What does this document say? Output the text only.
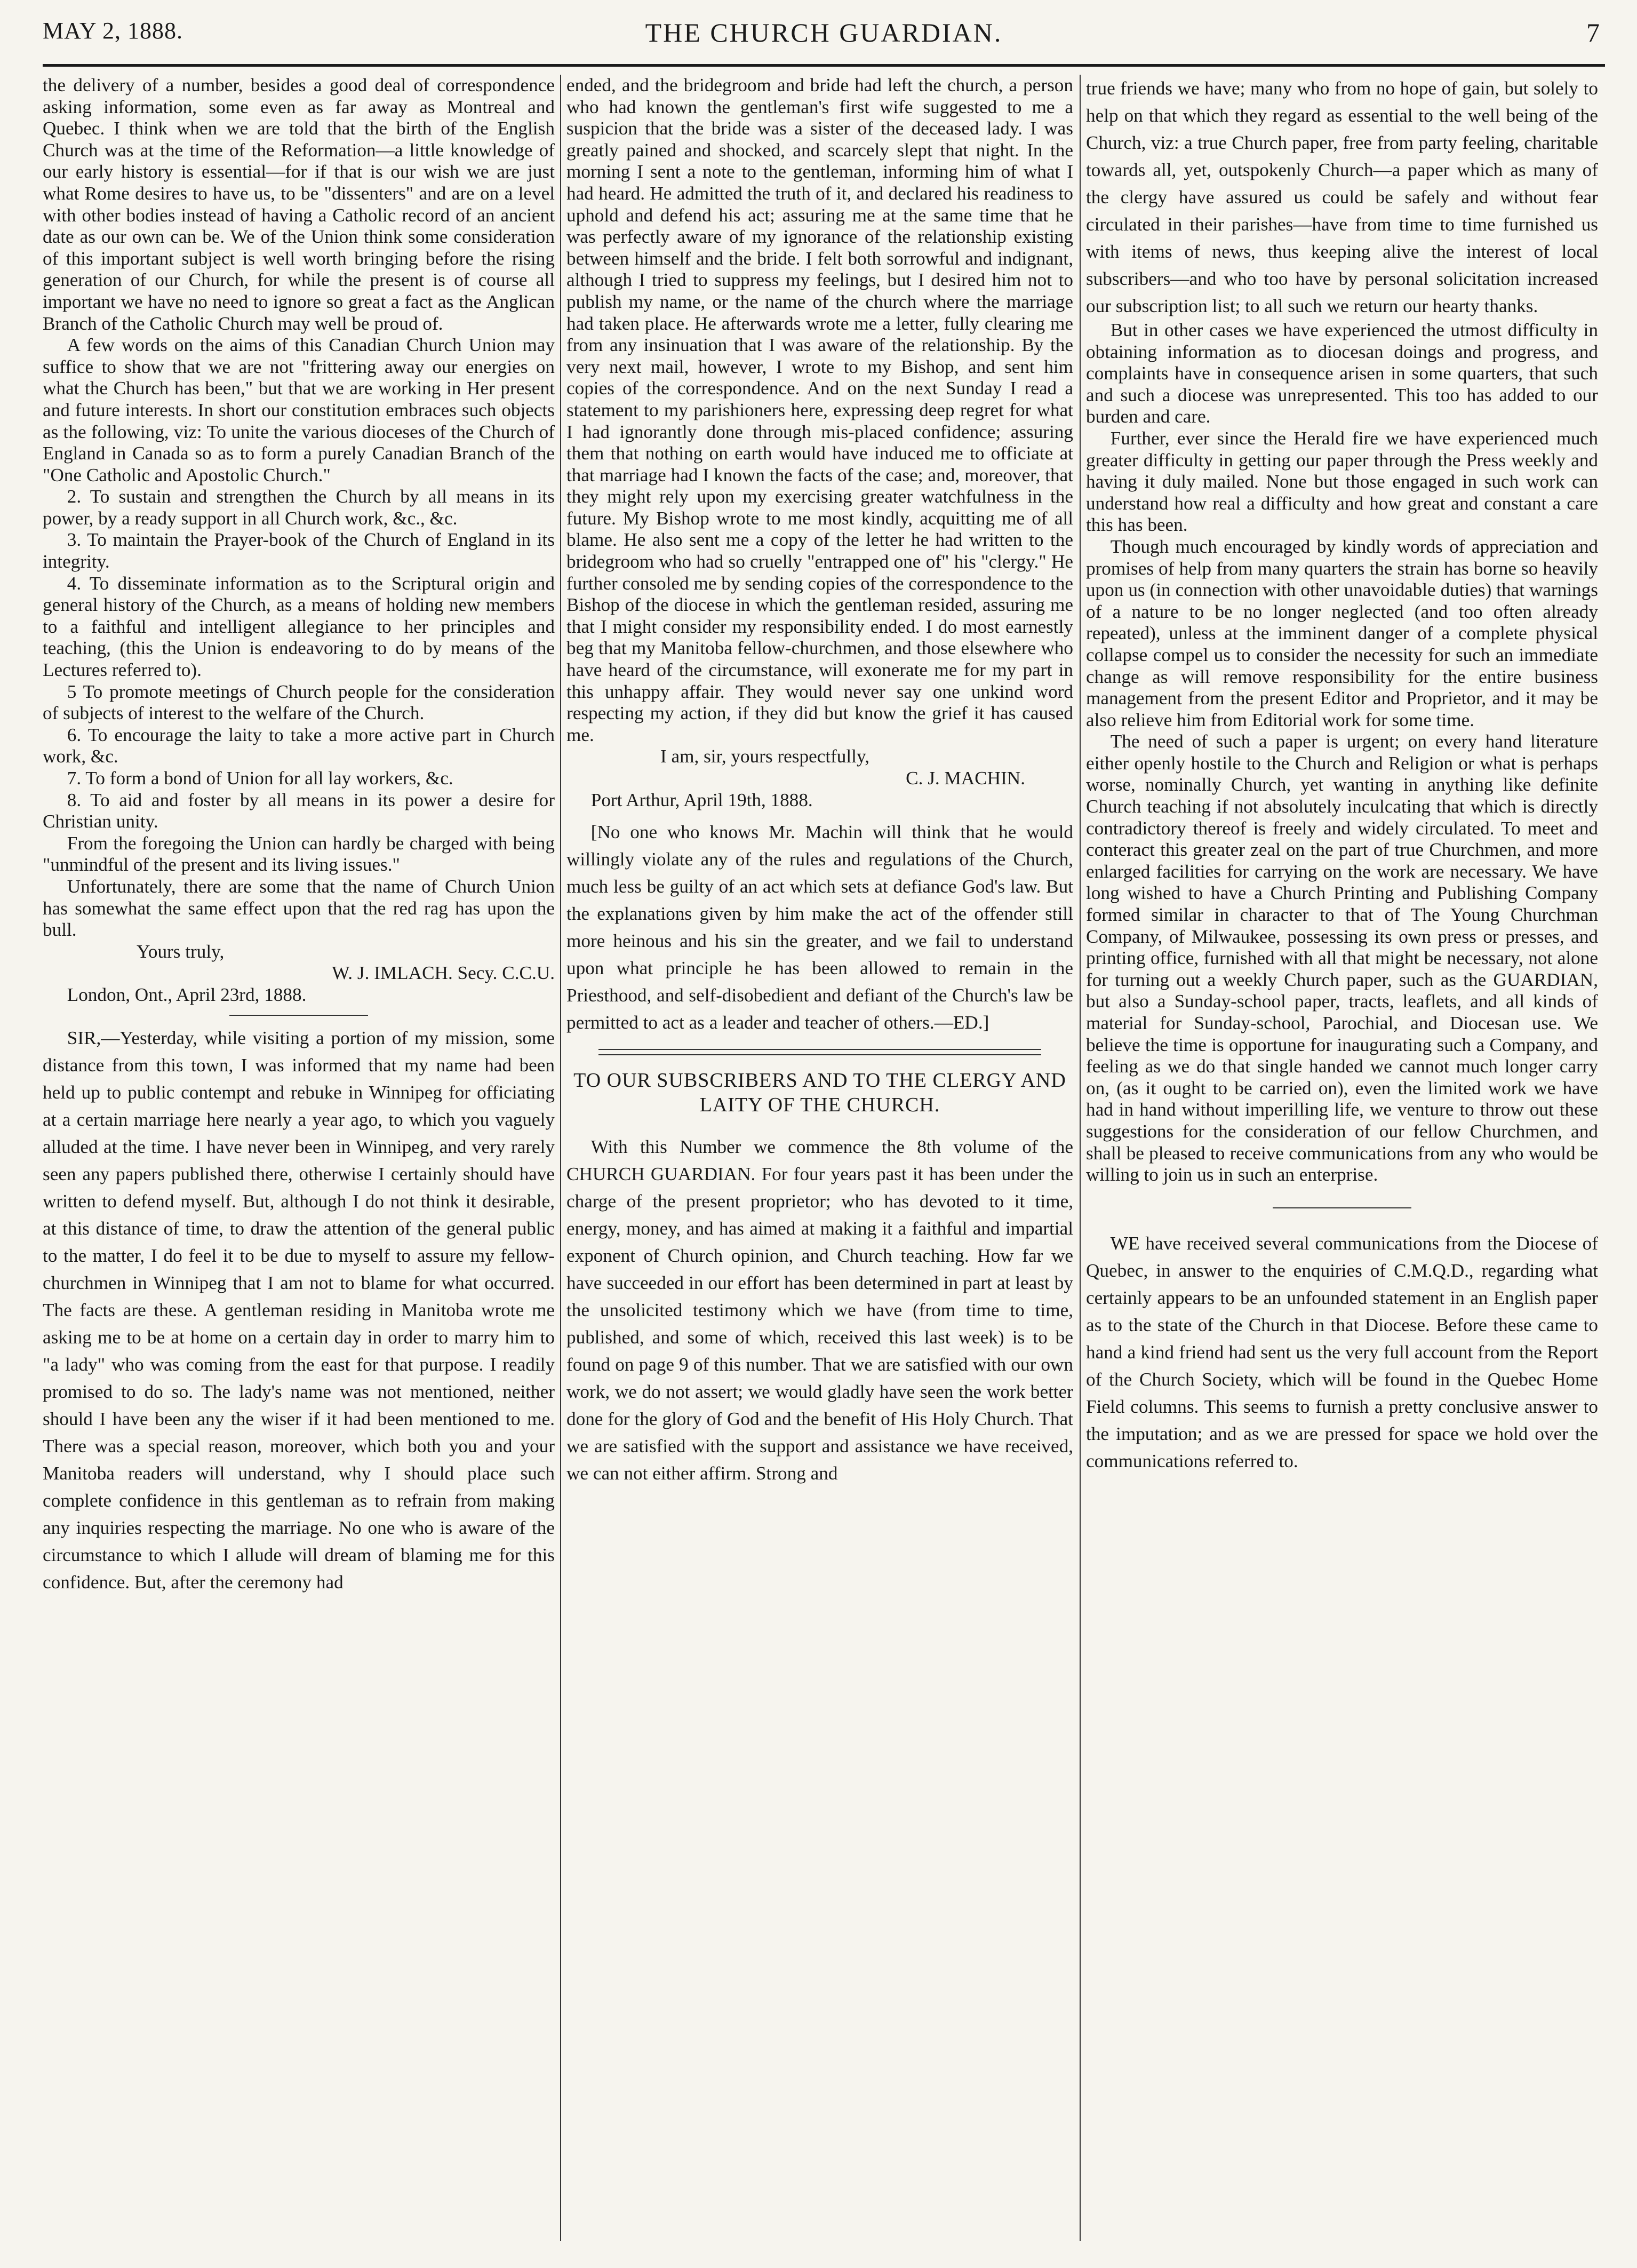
MAY 2, 1888.	THE CHURCH GUARDIAN.	7

the delivery of a number, besides a good deal of correspondence asking information, some even as far away as Montreal and Quebec. I think when we are told that the birth of the English Church was at the time of the Reformation—a little knowledge of our early history is essential—for if that is our wish we are just what Rome desires to have us, to be "dissenters" and are on a level with other bodies instead of having a Catholic record of an ancient date as our own can be. We of the Union think some consideration of this important subject is well worth bringing before the rising generation of our Church, for while the present is of course all important we have no need to ignore so great a fact as the Anglican Branch of the Catholic Church may well be proud of.

A few words on the aims of this Canadian Church Union may suffice to show that we are not "frittering away our energies on what the Church has been," but that we are working in Her present and future interests. In short our constitution embraces such objects as the following, viz: To unite the various dioceses of the Church of England in Canada so as to form a purely Canadian Branch of the "One Catholic and Apostolic Church."

2. To sustain and strengthen the Church by all means in its power, by a ready support in all Church work, &c., &c.

3. To maintain the Prayer-book of the Church of England in its integrity.

4. To disseminate information as to the Scriptural origin and general history of the Church, as a means of holding new members to a faithful and intelligent allegiance to her principles and teaching, (this the Union is endeavoring to do by means of the Lectures referred to).

5 To promote meetings of Church people for the consideration of subjects of interest to the welfare of the Church.

6. To encourage the laity to take a more active part in Church work, &c.

7. To form a bond of Union for all lay workers, &c.

8. To aid and foster by all means in its power a desire for Christian unity.

From the foregoing the Union can hardly be charged with being "unmindful of the present and its living issues."

Unfortunately, there are some that the name of Church Union has somewhat the same effect upon that the red rag has upon the bull.

Yours truly,

W. J. IMLACH. Secy. C.C.U.

London, Ont., April 23rd, 1888.

SIR,—Yesterday, while visiting a portion of my mission, some distance from this town, I was informed that my name had been held up to public contempt and rebuke in Winnipeg for officiating at a certain marriage here nearly a year ago, to which you vaguely alluded at the time. I have never been in Winnipeg, and very rarely seen any papers published there, otherwise I certainly should have written to defend myself. But, although I do not think it desirable, at this distance of time, to draw the attention of the general public to the matter, I do feel it to be due to myself to assure my fellow-churchmen in Winnipeg that I am not to blame for what occurred. The facts are these. A gentleman residing in Manitoba wrote me asking me to be at home on a certain day in order to marry him to "a lady" who was coming from the east for that purpose. I readily promised to do so. The lady's name was not mentioned, neither should I have been any the wiser if it had been mentioned to me. There was a special reason, moreover, which both you and your Manitoba readers will understand, why I should place such complete confidence in this gentleman as to refrain from making any inquiries respecting the marriage. No one who is aware of the circumstance to which I allude will dream of blaming me for this confidence. But, after the ceremony had

ended, and the bridegroom and bride had left the church, a person who had known the gentleman's first wife suggested to me a suspicion that the bride was a sister of the deceased lady. I was greatly pained and shocked, and scarcely slept that night. In the morning I sent a note to the gentleman, informing him of what I had heard. He admitted the truth of it, and declared his readiness to uphold and defend his act; assuring me at the same time that he was perfectly aware of my ignorance of the relationship existing between himself and the bride. I felt both sorrowful and indignant, although I tried to suppress my feelings, but I desired him not to publish my name, or the name of the church where the marriage had taken place. He afterwards wrote me a letter, fully clearing me from any insinuation that I was aware of the relationship. By the very next mail, however, I wrote to my Bishop, and sent him copies of the correspondence. And on the next Sunday I read a statement to my parishioners here, expressing deep regret for what I had ignorantly done through mis-placed confidence; assuring them that nothing on earth would have induced me to officiate at that marriage had I known the facts of the case; and, moreover, that they might rely upon my exercising greater watchfulness in the future. My Bishop wrote to me most kindly, acquitting me of all blame. He also sent me a copy of the letter he had written to the bridegroom who had so cruelly "entrapped one of" his "clergy." He further consoled me by sending copies of the correspondence to the Bishop of the diocese in which the gentleman resided, assuring me that I might consider my responsibility ended. I do most earnestly beg that my Manitoba fellow-churchmen, and those elsewhere who have heard of the circumstance, will exonerate me for my part in this unhappy affair. They would never say one unkind word respecting my action, if they did but know the grief it has caused me.

I am, sir, yours respectfully,

C. J. MACHIN.

Port Arthur, April 19th, 1888.

[No one who knows Mr. Machin will think that he would willingly violate any of the rules and regulations of the Church, much less be guilty of an act which sets at defiance God's law. But the explanations given by him make the act of the offender still more heinous and his sin the greater, and we fail to understand upon what principle he has been allowed to remain in the Priesthood, and self-disobedient and defiant of the Church's law be permitted to act as a leader and teacher of others.—ED.]

TO OUR SUBSCRIBERS AND TO THE CLERGY AND LAITY OF THE CHURCH.

With this Number we commence the 8th volume of the CHURCH GUARDIAN. For four years past it has been under the charge of the present proprietor; who has devoted to it time, energy, money, and has aimed at making it a faithful and impartial exponent of Church opinion, and Church teaching. How far we have succeeded in our effort has been determined in part at least by the unsolicited testimony which we have (from time to time, published, and some of which, received this last week) is to be found on page 9 of this number. That we are satisfied with our own work, we do not assert; we would gladly have seen the work better done for the glory of God and the benefit of His Holy Church. That we are satisfied with the support and assistance we have received, we can not either affirm. Strong and

true friends we have; many who from no hope of gain, but solely to help on that which they regard as essential to the well being of the Church, viz: a true Church paper, free from party feeling, charitable towards all, yet, outspokenly Church—a paper which as many of the clergy have assured us could be safely and without fear circulated in their parishes—have from time to time furnished us with items of news, thus keeping alive the interest of local subscribers—and who too have by personal solicitation increased our subscription list; to all such we return our hearty thanks.

But in other cases we have experienced the utmost difficulty in obtaining information as to diocesan doings and progress, and complaints have in consequence arisen in some quarters, that such and such a diocese was unrepresented. This too has added to our burden and care.

Further, ever since the Herald fire we have experienced much greater difficulty in getting our paper through the Press weekly and having it duly mailed. None but those engaged in such work can understand how real a difficulty and how great and constant a care this has been.

Though much encouraged by kindly words of appreciation and promises of help from many quarters the strain has borne so heavily upon us (in connection with other unavoidable duties) that warnings of a nature to be no longer neglected (and too often already repeated), unless at the imminent danger of a complete physical collapse compel us to consider the necessity for such an immediate change as will remove responsibility for the entire business management from the present Editor and Proprietor, and it may be also relieve him from Editorial work for some time.

The need of such a paper is urgent; on every hand literature either openly hostile to the Church and Religion or what is perhaps worse, nominally Church, yet wanting in anything like definite Church teaching if not absolutely inculcating that which is directly contradictory thereof is freely and widely circulated. To meet and conteract this greater zeal on the part of true Churchmen, and more enlarged facilities for carrying on the work are necessary. We have long wished to have a Church Printing and Publishing Company formed similar in character to that of The Young Churchman Company, of Milwaukee, possessing its own press or presses, and printing office, furnished with all that might be necessary, not alone for turning out a weekly Church paper, such as the GUARDIAN, but also a Sunday-school paper, tracts, leaflets, and all kinds of material for Sunday-school, Parochial, and Diocesan use. We believe the time is opportune for inaugurating such a Company, and feeling as we do that single handed we cannot much longer carry on, (as it ought to be carried on), even the limited work we have had in hand without imperilling life, we venture to throw out these suggestions for the consideration of our fellow Churchmen, and shall be pleased to receive communications from any who would be willing to join us in such an enterprise.

WE have received several communications from the Diocese of Quebec, in answer to the enquiries of C.M.Q.D., regarding what certainly appears to be an unfounded statement in an English paper as to the state of the Church in that Diocese. Before these came to hand a kind friend had sent us the very full account from the Report of the Church Society, which will be found in the Quebec Home Field columns. This seems to furnish a pretty conclusive answer to the imputation; and as we are pressed for space we hold over the communications referred to.
